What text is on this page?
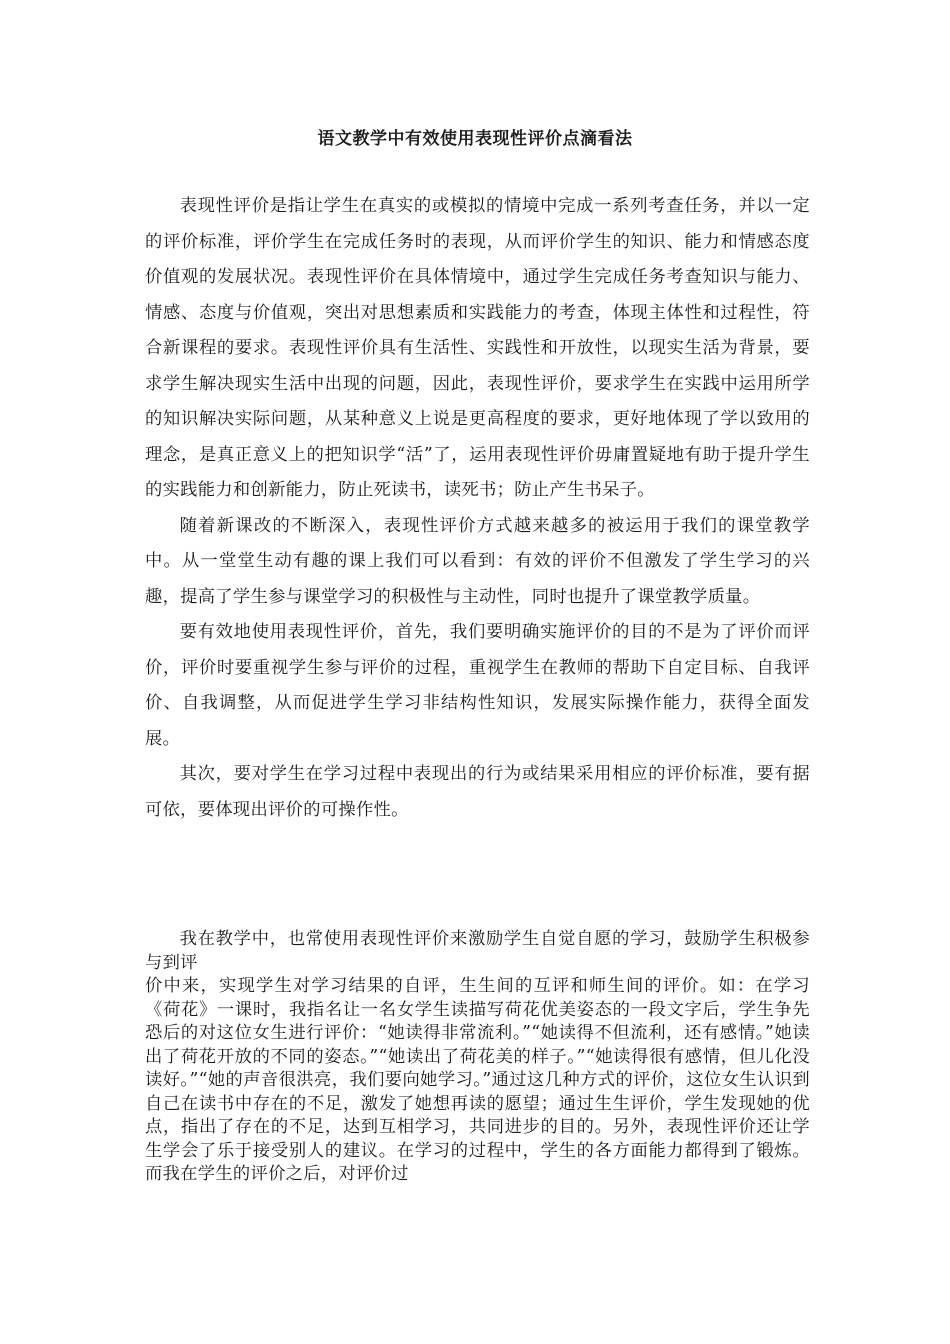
语文教学中有效使用表现性评价点滴看法

表现性评价是指让学生在真实的或模拟的情境中完成一系列考查任务，并以一定的评价标准，评价学生在完成任务时的表现，从而评价学生的知识、能力和情感态度价值观的发展状况。表现性评价在具体情境中，通过学生完成任务考查知识与能力、情感、态度与价值观，突出对思想素质和实践能力的考查，体现主体性和过程性，符合新课程的要求。表现性评价具有生活性、实践性和开放性，以现实生活为背景，要求学生解决现实生活中出现的问题，因此，表现性评价，要求学生在实践中运用所学的知识解决实际问题，从某种意义上说是更高程度的要求，更好地体现了学以致用的理念，是真正意义上的把知识学“活”了，运用表现性评价毋庸置疑地有助于提升学生的实践能力和创新能力，防止死读书，读死书；防止产生书呆子。

随着新课改的不断深入，表现性评价方式越来越多的被运用于我们的课堂教学中。从一堂堂生动有趣的课上我们可以看到：有效的评价不但激发了学生学习的兴趣，提高了学生参与课堂学习的积极性与主动性，同时也提升了课堂教学质量。

要有效地使用表现性评价，首先，我们要明确实施评价的目的不是为了评价而评价，评价时要重视学生参与评价的过程，重视学生在教师的帮助下自定目标、自我评价、自我调整，从而促进学生学习非结构性知识，发展实际操作能力，获得全面发展。

其次，要对学生在学习过程中表现出的行为或结果采用相应的评价标准，要有据可依，要体现出评价的可操作性。

我在教学中，也常使用表现性评价来激励学生自觉自愿的学习，鼓励学生积极参与到评

价中来，实现学生对学习结果的自评，生生间的互评和师生间的评价。如：在学习《荷花》一课时，我指名让一名女学生读描写荷花优美姿态的一段文字后，学生争先恐后的对这位女生进行评价：“她读得非常流利。”“她读得不但流利，还有感情。”她读出了荷花开放的不同的姿态。”“她读出了荷花美的样子。”“她读得很有感情，但儿化没读好。”“她的声音很洪亮，我们要向她学习。”通过这几种方式的评价，这位女生认识到自己在读书中存在的不足，激发了她想再读的愿望；通过生生评价，学生发现她的优点，指出了存在的不足，达到互相学习，共同进步的目的。另外，表现性评价还让学生学会了乐于接受别人的建议。在学习的过程中，学生的各方面能力都得到了锻炼。而我在学生的评价之后，对评价过
